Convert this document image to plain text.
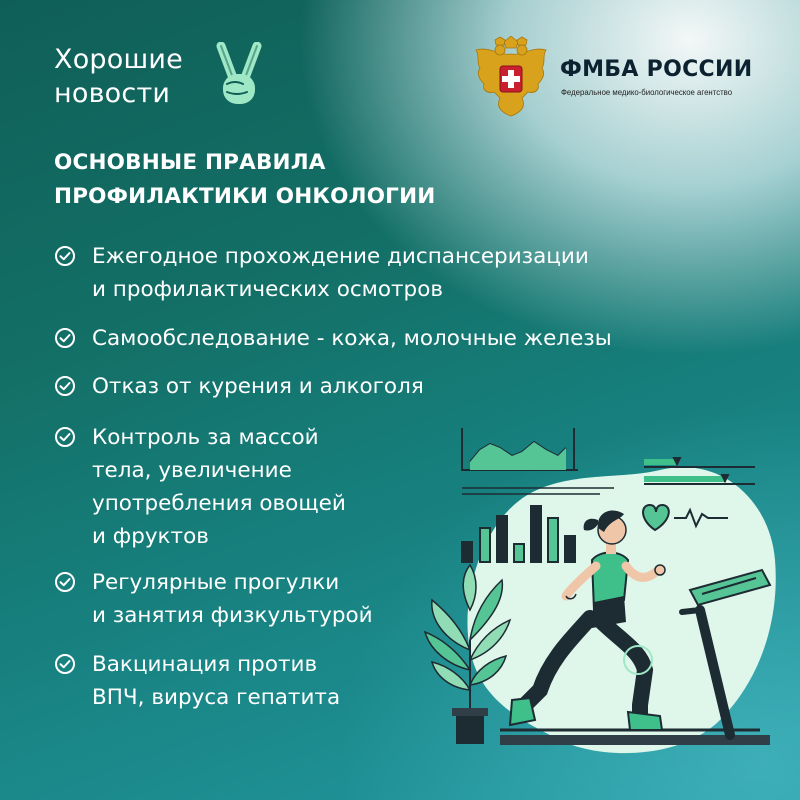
Хорошие
новости
ФМБА РОССИИ
Федеральное медико-биологическое агентство
ОСНОВНЫЕ ПРАВИЛА
ПРОФИЛАКТИКИ ОНКОЛОГИИ
Ежегодное прохождение диспансеризации
и профилактических осмотров
Самообследование - кожа, молочные железы
Отказ от курения и алкоголя
Контроль за массой
тела, увеличение
употребления овощей
и фруктов
Регулярные прогулки
и занятия физкультурой
Вакцинация против
ВПЧ, вируса гепатита
